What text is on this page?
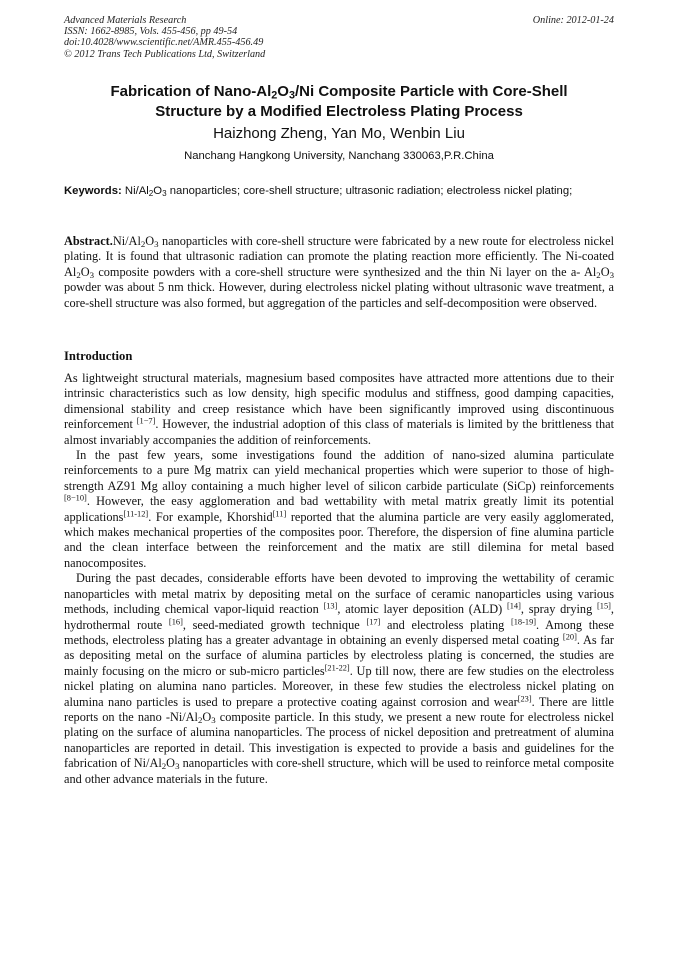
Advanced Materials Research
ISSN: 1662-8985, Vols. 455-456, pp 49-54
doi:10.4028/www.scientific.net/AMR.455-456.49
© 2012 Trans Tech Publications Ltd, Switzerland
Online: 2012-01-24
Fabrication of Nano-$Al_2O_3/Ni$ Composite Particle with Core-Shell
Structure by a Modified Electroless Plating Process
Haizhong Zheng, Yan Mo, Wenbin Liu
Nanchang Hangkong University, Nanchang 330063,P.R.China
Keywords: $Ni/Al_2O_3$ nanoparticles; core-shell structure; ultrasonic radiation; electroless nickel plating;
$Abstract.Ni/Al_2O_3$ nanoparticles with core-shell structure were fabricated by a new route for electroless nickel plating. It is found that ultrasonic radiation can promote the plating reaction more efficiently. The Ni-coated $Al_2O_3$ composite powders with a core-shell structure were synthesized and the thin Ni layer on the a- $Al_2O_3$ powder was about 5 nm thick. However, during electroless nickel plating without ultrasonic wave treatment, a core-shell structure was also formed, but aggregation of the particles and self-decomposition were observed.
Introduction

As lightweight structural materials, magnesium based composites have attracted more attentions due to their intrinsic characteristics such as low density, high specific modulus and stiffness, good damping capacities, dimensional stability and creep resistance which have been significantly improved using discontinuous reinforcement [1−7]. However, the industrial adoption of this class of materials is limited by the brittleness that almost invariably accompanies the addition of reinforcements.

In the past few years, some investigations found the addition of nano-sized alumina particulate reinforcements to a pure Mg matrix can yield mechanical properties which were superior to those of high-strength AZ91 Mg alloy containing a much higher level of silicon carbide particulate (SiCp) reinforcements [8−10]. However, the easy agglomeration and bad wettability with metal matrix greatly limit its potential applications[11-12]. For example, Khorshid[11] reported that the alumina particle are very easily agglomerated, which makes mechanical properties of the composites poor. Therefore, the dispersion of fine alumina particle and the clean interface between the reinforcement and the matix are still dilemina for metal based nanocomposites.

During the past decades, considerable efforts have been devoted to improving the wettability of ceramic nanoparticles with metal matrix by depositing metal on the surface of ceramic nanoparticles using various methods, including chemical vapor-liquid reaction [13], atomic layer deposition (ALD) [14], spray drying [15], hydrothermal route [16], seed-mediated growth technique [17] and electroless plating [18-19]. Among these methods, electroless plating has a greater advantage in obtaining an evenly dispersed metal coating [20]. As far as depositing metal on the surface of alumina particles by electroless plating is concerned, the studies are mainly focusing on the micro or sub-micro particles[21-22]. Up till now, there are few studies on the electroless nickel plating on alumina nano particles. Moreover, in these few studies the electroless nickel plating on alumina nano particles is used to prepare a protective coating against corrosion and wear[23]. There are little reports on the nano $-Ni/Al_2O_3$ composite particle. In this study, we present a new route for electroless nickel plating on the surface of alumina nanoparticles. The process of nickel deposition and pretreatment of alumina nanoparticles are reported in detail. This investigation is expected to provide a basis and guidelines for the fabrication of $Ni/Al_2O_3$ nanoparticles with core-shell structure, which will be used to reinforce metal composite and other advance materials in the future.
